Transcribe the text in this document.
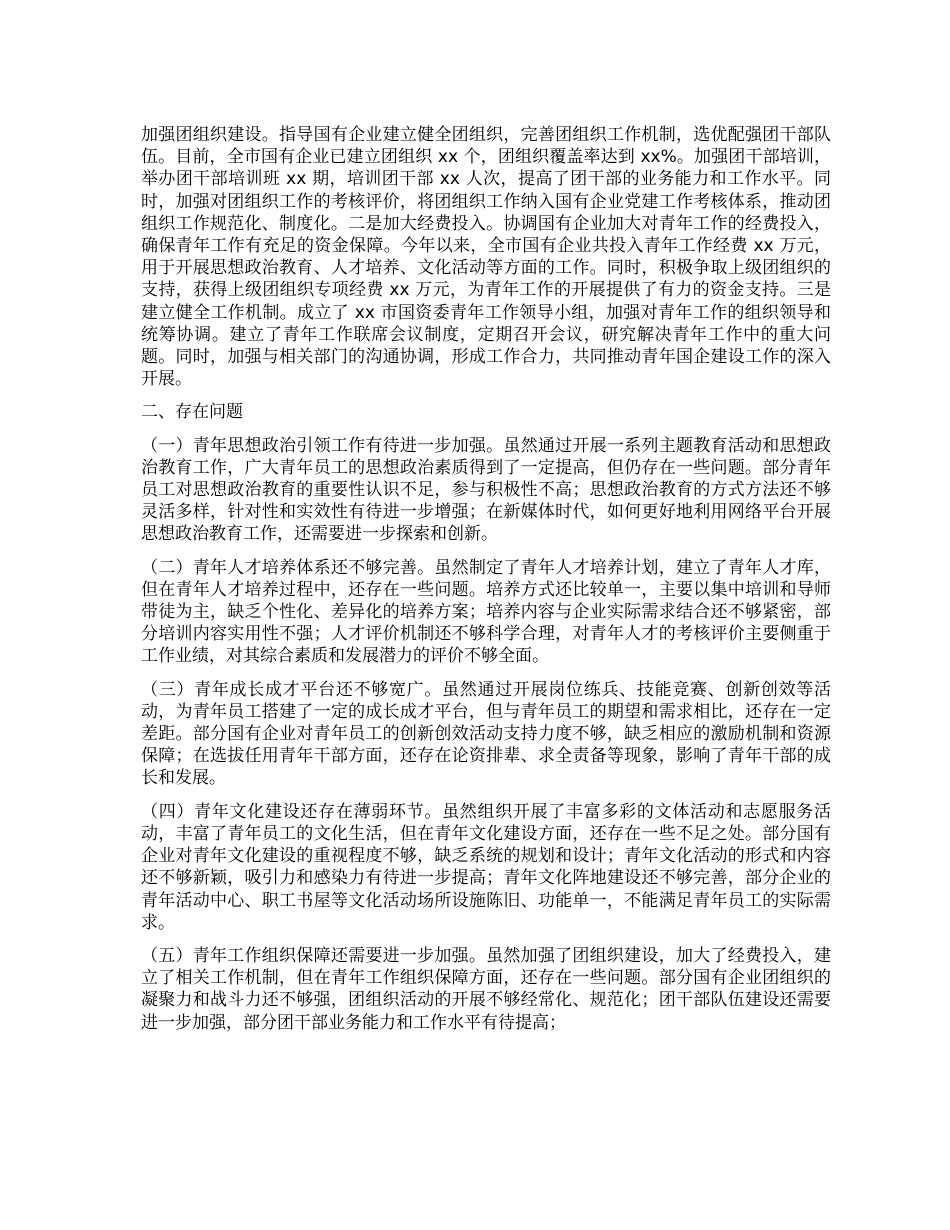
加强团组织建设。指导国有企业建立健全团组织，完善团组织工作机制，选优配强团干部队伍。目前，全市国有企业已建立团组织 xx 个，团组织覆盖率达到 xx%。加强团干部培训，举办团干部培训班 xx 期，培训团干部 xx 人次，提高了团干部的业务能力和工作水平。同时，加强对团组织工作的考核评价，将团组织工作纳入国有企业党建工作考核体系，推动团组织工作规范化、制度化。二是加大经费投入。协调国有企业加大对青年工作的经费投入，确保青年工作有充足的资金保障。今年以来，全市国有企业共投入青年工作经费 xx 万元，用于开展思想政治教育、人才培养、文化活动等方面的工作。同时，积极争取上级团组织的支持，获得上级团组织专项经费 xx 万元，为青年工作的开展提供了有力的资金支持。三是建立健全工作机制。成立了 xx 市国资委青年工作领导小组，加强对青年工作的组织领导和统筹协调。建立了青年工作联席会议制度，定期召开会议，研究解决青年工作中的重大问题。同时，加强与相关部门的沟通协调，形成工作合力，共同推动青年国企建设工作的深入开展。

二、存在问题

（一）青年思想政治引领工作有待进一步加强。虽然通过开展一系列主题教育活动和思想政治教育工作，广大青年员工的思想政治素质得到了一定提高，但仍存在一些问题。部分青年员工对思想政治教育的重要性认识不足，参与积极性不高；思想政治教育的方式方法还不够灵活多样，针对性和实效性有待进一步增强；在新媒体时代，如何更好地利用网络平台开展思想政治教育工作，还需要进一步探索和创新。

（二）青年人才培养体系还不够完善。虽然制定了青年人才培养计划，建立了青年人才库，但在青年人才培养过程中，还存在一些问题。培养方式还比较单一，主要以集中培训和导师带徒为主，缺乏个性化、差异化的培养方案；培养内容与企业实际需求结合还不够紧密，部分培训内容实用性不强；人才评价机制还不够科学合理，对青年人才的考核评价主要侧重于工作业绩，对其综合素质和发展潜力的评价不够全面。

（三）青年成长成才平台还不够宽广。虽然通过开展岗位练兵、技能竞赛、创新创效等活动，为青年员工搭建了一定的成长成才平台，但与青年员工的期望和需求相比，还存在一定差距。部分国有企业对青年员工的创新创效活动支持力度不够，缺乏相应的激励机制和资源保障；在选拔任用青年干部方面，还存在论资排辈、求全责备等现象，影响了青年干部的成长和发展。

（四）青年文化建设还存在薄弱环节。虽然组织开展了丰富多彩的文体活动和志愿服务活动，丰富了青年员工的文化生活，但在青年文化建设方面，还存在一些不足之处。部分国有企业对青年文化建设的重视程度不够，缺乏系统的规划和设计；青年文化活动的形式和内容还不够新颖，吸引力和感染力有待进一步提高；青年文化阵地建设还不够完善，部分企业的青年活动中心、职工书屋等文化活动场所设施陈旧、功能单一，不能满足青年员工的实际需求。

（五）青年工作组织保障还需要进一步加强。虽然加强了团组织建设，加大了经费投入，建立了相关工作机制，但在青年工作组织保障方面，还存在一些问题。部分国有企业团组织的凝聚力和战斗力还不够强，团组织活动的开展不够经常化、规范化；团干部队伍建设还需要进一步加强，部分团干部业务能力和工作水平有待提高；
